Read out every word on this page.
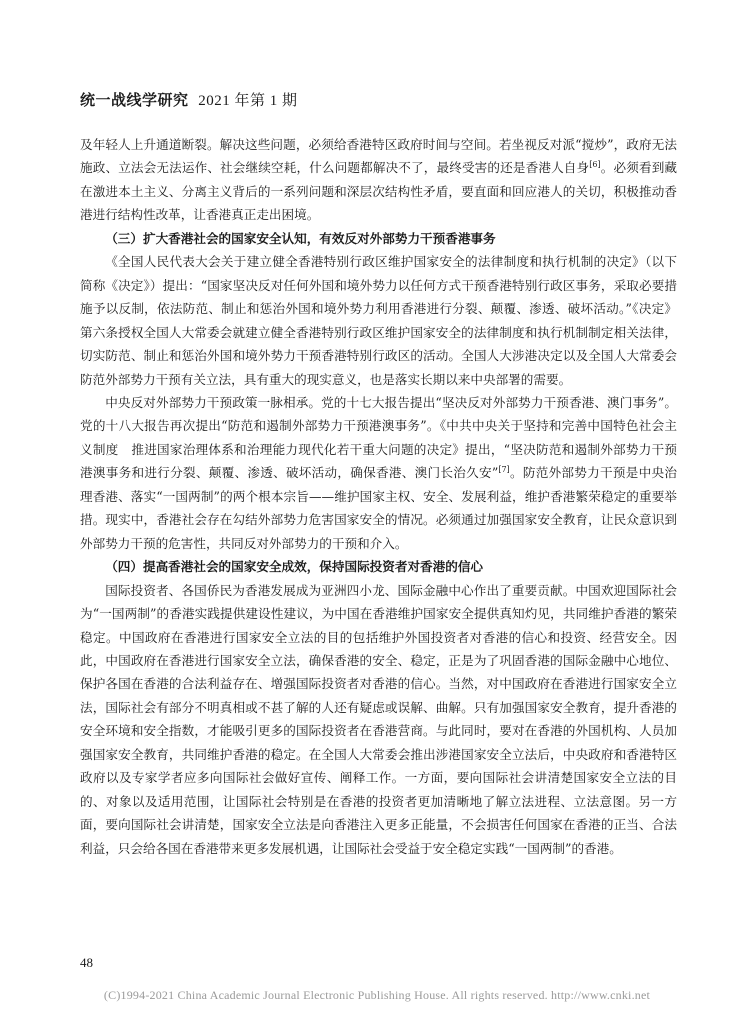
统一战线学研究 2021 年第 1 期

及年轻人上升通道断裂。解决这些问题，必须给香港特区政府时间与空间。若坐视反对派“搅炒”，政府无法施政、立法会无法运作、社会继续空耗，什么问题都解决不了，最终受害的还是香港人自身[6]。必须看到藏在激进本土主义、分离主义背后的一系列问题和深层次结构性矛盾，要直面和回应港人的关切，积极推动香港进行结构性改革，让香港真正走出困境。

（三）扩大香港社会的国家安全认知，有效反对外部势力干预香港事务

《全国人民代表大会关于建立健全香港特别行政区维护国家安全的法律制度和执行机制的决定》（以下简称《决定》）提出：“国家坚决反对任何外国和境外势力以任何方式干预香港特别行政区事务，采取必要措施予以反制，依法防范、制止和惩治外国和境外势力利用香港进行分裂、颠覆、渗透、破坏活动。”《决定》第六条授权全国人大常委会就建立健全香港特别行政区维护国家安全的法律制度和执行机制制定相关法律，切实防范、制止和惩治外国和境外势力干预香港特别行政区的活动。全国人大涉港决定以及全国人大常委会防范外部势力干预有关立法，具有重大的现实意义，也是落实长期以来中央部署的需要。

中央反对外部势力干预政策一脉相承。党的十七大报告提出“坚决反对外部势力干预香港、澳门事务”。党的十八大报告再次提出“防范和遏制外部势力干预港澳事务”。《中共中央关于坚持和完善中国特色社会主义制度　推进国家治理体系和治理能力现代化若干重大问题的决定》提出，“坚决防范和遏制外部势力干预港澳事务和进行分裂、颠覆、渗透、破坏活动，确保香港、澳门长治久安”[7]。防范外部势力干预是中央治理香港、落实“一国两制”的两个根本宗旨——维护国家主权、安全、发展利益，维护香港繁荣稳定的重要举措。现实中，香港社会存在勾结外部势力危害国家安全的情况。必须通过加强国家安全教育，让民众意识到外部势力干预的危害性，共同反对外部势力的干预和介入。

（四）提高香港社会的国家安全成效，保持国际投资者对香港的信心

国际投资者、各国侨民为香港发展成为亚洲四小龙、国际金融中心作出了重要贡献。中国欢迎国际社会为“一国两制”的香港实践提供建设性建议，为中国在香港维护国家安全提供真知灼见，共同维护香港的繁荣稳定。中国政府在香港进行国家安全立法的目的包括维护外国投资者对香港的信心和投资、经营安全。因此，中国政府在香港进行国家安全立法，确保香港的安全、稳定，正是为了巩固香港的国际金融中心地位、保护各国在香港的合法利益存在、增强国际投资者对香港的信心。当然，对中国政府在香港进行国家安全立法，国际社会有部分不明真相或不甚了解的人还有疑虑或误解、曲解。只有加强国家安全教育，提升香港的安全环境和安全指数，才能吸引更多的国际投资者在香港营商。与此同时，要对在香港的外国机构、人员加强国家安全教育，共同维护香港的稳定。在全国人大常委会推出涉港国家安全立法后，中央政府和香港特区政府以及专家学者应多向国际社会做好宣传、阐释工作。一方面，要向国际社会讲清楚国家安全立法的目的、对象以及适用范围，让国际社会特别是在香港的投资者更加清晰地了解立法进程、立法意图。另一方面，要向国际社会讲清楚，国家安全立法是向香港注入更多正能量，不会损害任何国家在香港的正当、合法利益，只会给各国在香港带来更多发展机遇，让国际社会受益于安全稳定实践“一国两制”的香港。

48
(C)1994-2021 China Academic Journal Electronic Publishing House. All rights reserved. http://www.cnki.net
